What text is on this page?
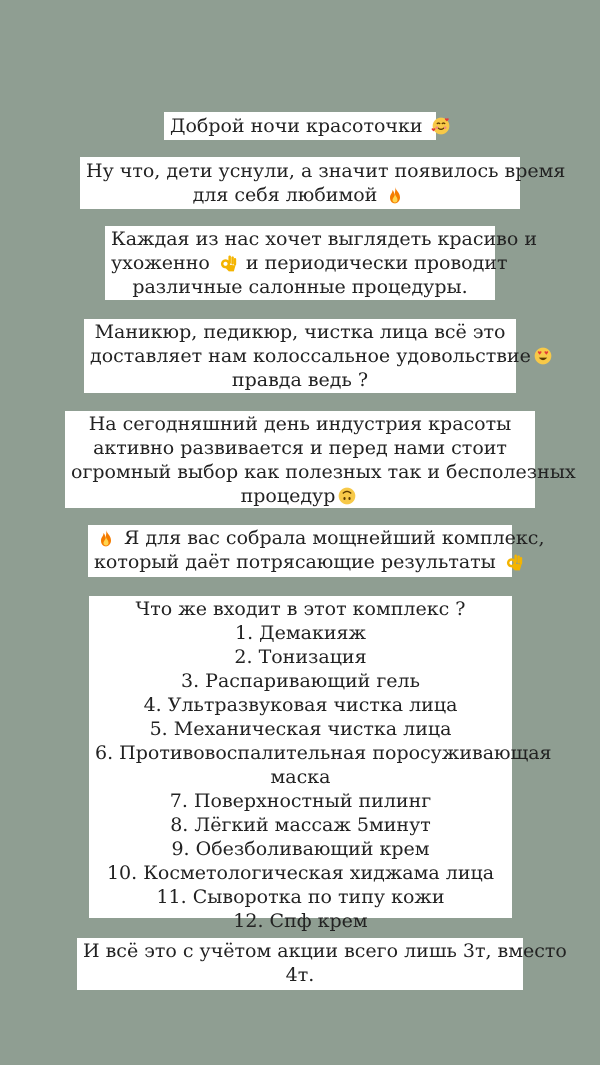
Доброй ночи красоточки
Ну что, дети уснули, а значит появилось время
для себя любимой
Каждая из нас хочет выглядеть красиво и
ухоженно и периодически проводит
различные салонные процедуры.
Маникюр, педикюр, чистка лица всё это
доставляет нам колоссальное удовольствие
правда ведь ?
На сегодняшний день индустрия красоты
активно развивается и перед нами стоит
огромный выбор как полезных так и бесполезных
процедур
Я для вас собрала мощнейший комплекс,
который даёт потрясающие результаты
Что же входит в этот комплекс ?
1. Демакияж
2. Тонизация
3. Распаривающий гель
4. Ультразвуковая чистка лица
5. Механическая чистка лица
6. Противовоспалительная поросуживающая
маска
7. Поверхностный пилинг
8. Лёгкий массаж 5минут
9. Обезболивающий крем
10. Косметологическая хиджама лица
11. Сыворотка по типу кожи
12. Спф крем
И всё это с учётом акции всего лишь 3т, вместо
4т.
